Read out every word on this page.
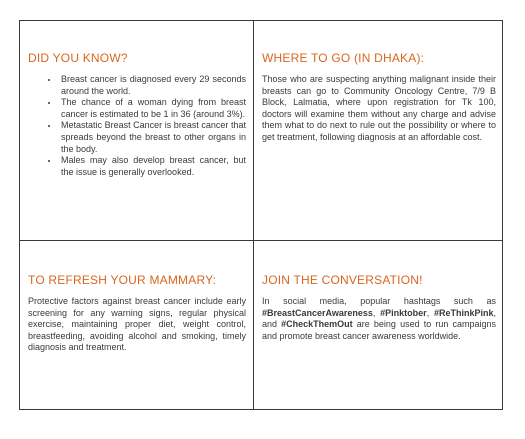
DID YOU KNOW?
• Breast cancer is diagnosed every 29 seconds around the world.
• The chance of a woman dying from breast cancer is estimated to be 1 in 36 (around 3%).
• Metastatic Breast Cancer is breast cancer that spreads beyond the breast to other organs in the body.
• Males may also develop breast cancer, but the issue is generally overlooked.
WHERE TO GO (IN DHAKA):

Those who are suspecting anything malignant inside their breasts can go to Community Oncology Centre, 7/9 B Block, Lalmatia, where upon registration for Tk 100, doctors will examine them without any charge and advise them what to do next to rule out the possibility or where to get treatment, following diagnosis at an affordable cost.

TO REFRESH YOUR MAMMARY:

Protective factors against breast cancer include early screening for any warning signs, regular physical exercise, maintaining proper diet, weight control, breastfeeding, avoiding alcohol and smoking, timely diagnosis and treatment.

JOIN THE CONVERSATION!

In social media, popular hashtags such as #BreastCancerAwareness, #Pinktober, #ReThinkPink, and #CheckThemOut are being used to run campaigns and promote breast cancer awareness worldwide.
